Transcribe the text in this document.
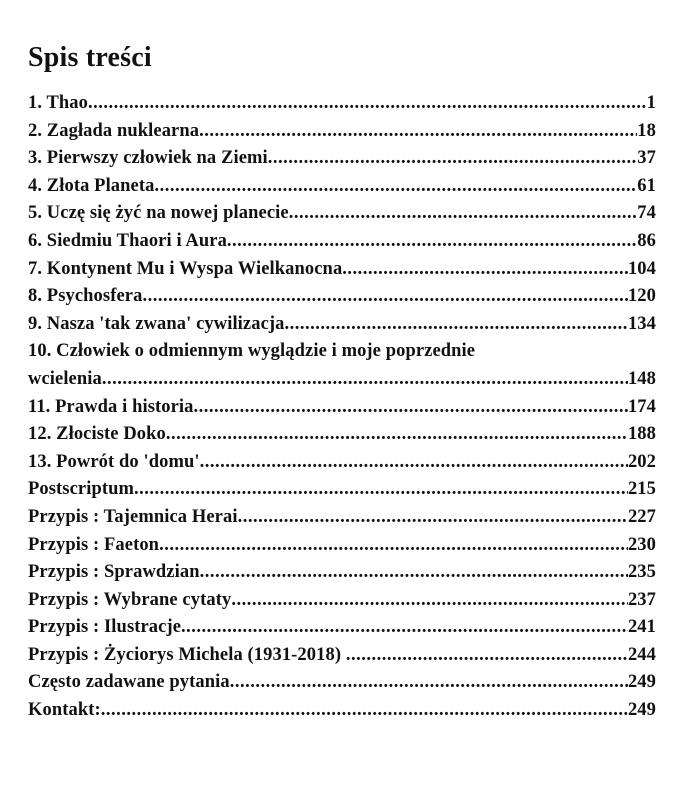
Spis treści
1. Thao .....	1
2. Zagłada nuklearna .....	18
3. Pierwszy człowiek na Ziemi .....	37
4. Złota Planeta .....	61
5. Uczę się żyć na nowej planecie .....	74
6. Siedmiu Thaori i Aura .....	86
7. Kontynent Mu i Wyspa Wielkanocna .....	104
8. Psychosfera .....	120
9. Nasza 'tak zwana' cywilizacja .....	134
10. Człowiek o odmiennym wyglądzie i moje poprzednie
wcielenia .....	148
11. Prawda i historia .....	174
12. Złociste Doko .....	188
13. Powrót do 'domu' .....	202
Postscriptum .....	215
Przypis : Tajemnica Herai .....	227
Przypis : Faeton .....	230
Przypis : Sprawdzian .....	235
Przypis : Wybrane cytaty .....	237
Przypis : Ilustracje .....	241
Przypis : Życiorys Michela (1931-2018) .....	244
Często zadawane pytania .....	249
Kontakt: .....	249
